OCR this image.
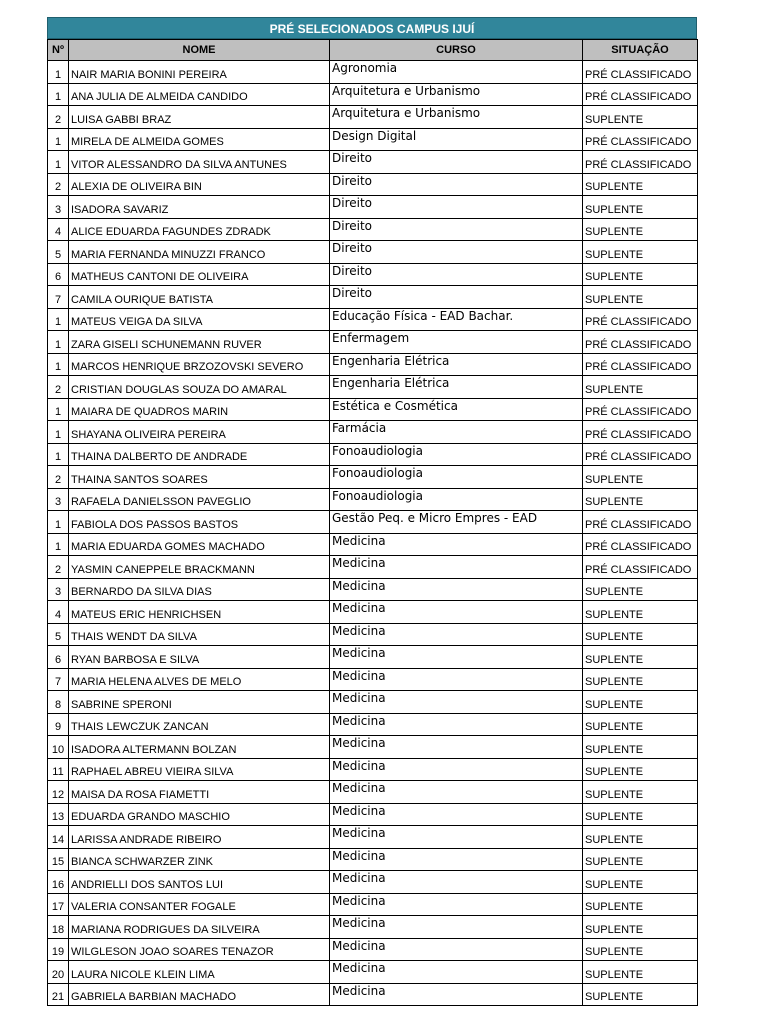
PRÉ SELECIONADOS CAMPUS IJUÍ
Nº	NOME	CURSO	SITUAÇÃO
1	NAIR MARIA BONINI PEREIRA	Agronomia	PRÉ CLASSIFICADO
1	ANA JULIA DE ALMEIDA CANDIDO	Arquitetura e Urbanismo	PRÉ CLASSIFICADO
2	LUISA GABBI BRAZ	Arquitetura e Urbanismo	SUPLENTE
1	MIRELA DE ALMEIDA GOMES	Design Digital	PRÉ CLASSIFICADO
1	VITOR ALESSANDRO DA SILVA ANTUNES	Direito	PRÉ CLASSIFICADO
2	ALEXIA DE OLIVEIRA BIN	Direito	SUPLENTE
3	ISADORA SAVARIZ	Direito	SUPLENTE
4	ALICE EDUARDA FAGUNDES ZDRADK	Direito	SUPLENTE
5	MARIA FERNANDA MINUZZI FRANCO	Direito	SUPLENTE
6	MATHEUS CANTONI DE OLIVEIRA	Direito	SUPLENTE
7	CAMILA OURIQUE BATISTA	Direito	SUPLENTE
1	MATEUS VEIGA DA SILVA	Educação Física - EAD Bachar.	PRÉ CLASSIFICADO
1	ZARA GISELI SCHUNEMANN RUVER	Enfermagem	PRÉ CLASSIFICADO
1	MARCOS HENRIQUE BRZOZOVSKI SEVERO	Engenharia Elétrica	PRÉ CLASSIFICADO
2	CRISTIAN DOUGLAS SOUZA DO AMARAL	Engenharia Elétrica	SUPLENTE
1	MAIARA DE QUADROS MARIN	Estética e Cosmética	PRÉ CLASSIFICADO
1	SHAYANA OLIVEIRA PEREIRA	Farmácia	PRÉ CLASSIFICADO
1	THAINA DALBERTO DE ANDRADE	Fonoaudiologia	PRÉ CLASSIFICADO
2	THAINA SANTOS SOARES	Fonoaudiologia	SUPLENTE
3	RAFAELA DANIELSSON PAVEGLIO	Fonoaudiologia	SUPLENTE
1	FABIOLA DOS PASSOS BASTOS	Gestão Peq. e Micro Empres - EAD	PRÉ CLASSIFICADO
1	MARIA EDUARDA GOMES MACHADO	Medicina	PRÉ CLASSIFICADO
2	YASMIN CANEPPELE BRACKMANN	Medicina	PRÉ CLASSIFICADO
3	BERNARDO DA SILVA DIAS	Medicina	SUPLENTE
4	MATEUS ERIC HENRICHSEN	Medicina	SUPLENTE
5	THAIS WENDT DA SILVA	Medicina	SUPLENTE
6	RYAN BARBOSA E SILVA	Medicina	SUPLENTE
7	MARIA HELENA ALVES DE MELO	Medicina	SUPLENTE
8	SABRINE SPERONI	Medicina	SUPLENTE
9	THAIS LEWCZUK ZANCAN	Medicina	SUPLENTE
10	ISADORA ALTERMANN BOLZAN	Medicina	SUPLENTE
11	RAPHAEL ABREU VIEIRA SILVA	Medicina	SUPLENTE
12	MAISA DA ROSA FIAMETTI	Medicina	SUPLENTE
13	EDUARDA GRANDO MASCHIO	Medicina	SUPLENTE
14	LARISSA ANDRADE RIBEIRO	Medicina	SUPLENTE
15	BIANCA SCHWARZER ZINK	Medicina	SUPLENTE
16	ANDRIELLI DOS SANTOS LUI	Medicina	SUPLENTE
17	VALERIA CONSANTER FOGALE	Medicina	SUPLENTE
18	MARIANA RODRIGUES DA SILVEIRA	Medicina	SUPLENTE
19	WILGLESON JOAO SOARES TENAZOR	Medicina	SUPLENTE
20	LAURA NICOLE KLEIN LIMA	Medicina	SUPLENTE
21	GABRIELA BARBIAN MACHADO	Medicina	SUPLENTE
